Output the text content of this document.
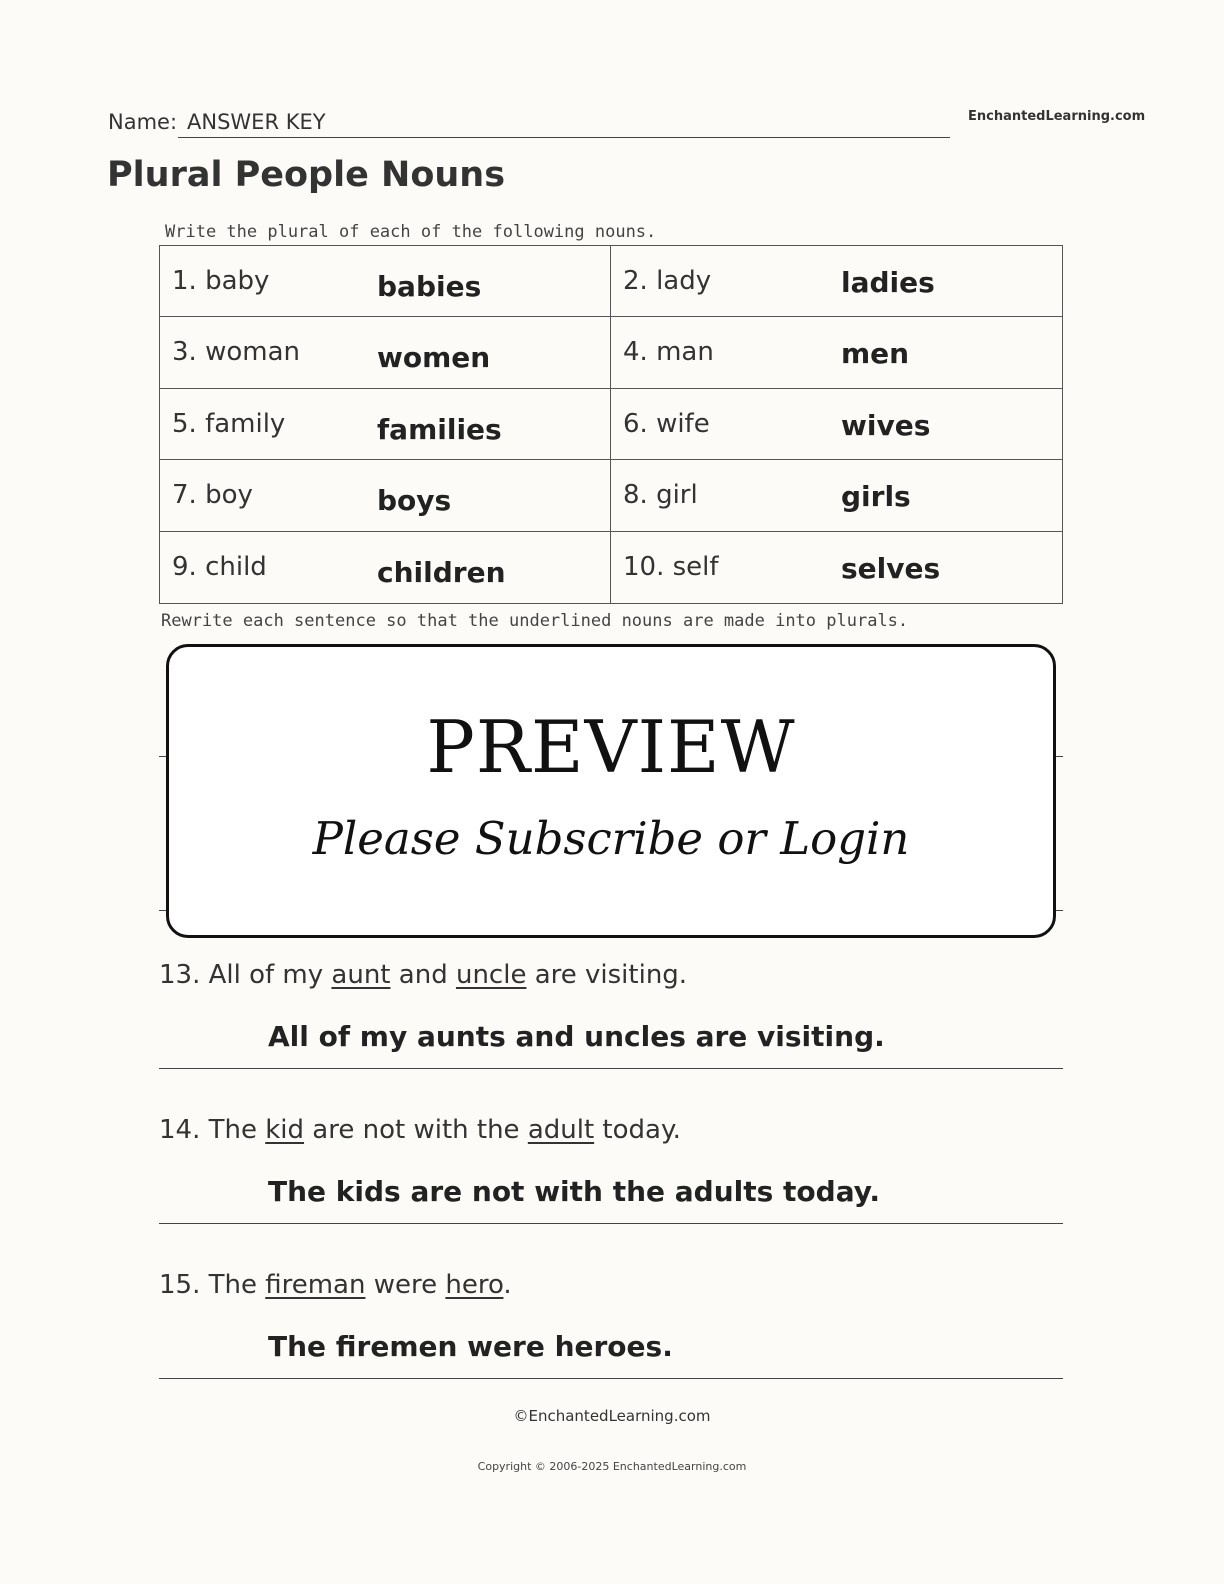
Name: ANSWER KEY	EnchantedLearning.com
Plural People Nouns
Write the plural of each of the following nouns.
1. baby	babies	2. lady	ladies
3. woman	women	4. man	men
5. family	families	6. wife	wives
7. boy	boys	8. girl	girls
9. child	children	10. self	selves
Rewrite each sentence so that the underlined nouns are made into plurals.
PREVIEW
Please Subscribe or Login
13. All of my aunt and uncle are visiting.
All of my aunts and uncles are visiting.
14. The kid are not with the adult today.
The kids are not with the adults today.
15. The fireman were hero.
The firemen were heroes.
©EnchantedLearning.com
Copyright © 2006-2025 EnchantedLearning.com
